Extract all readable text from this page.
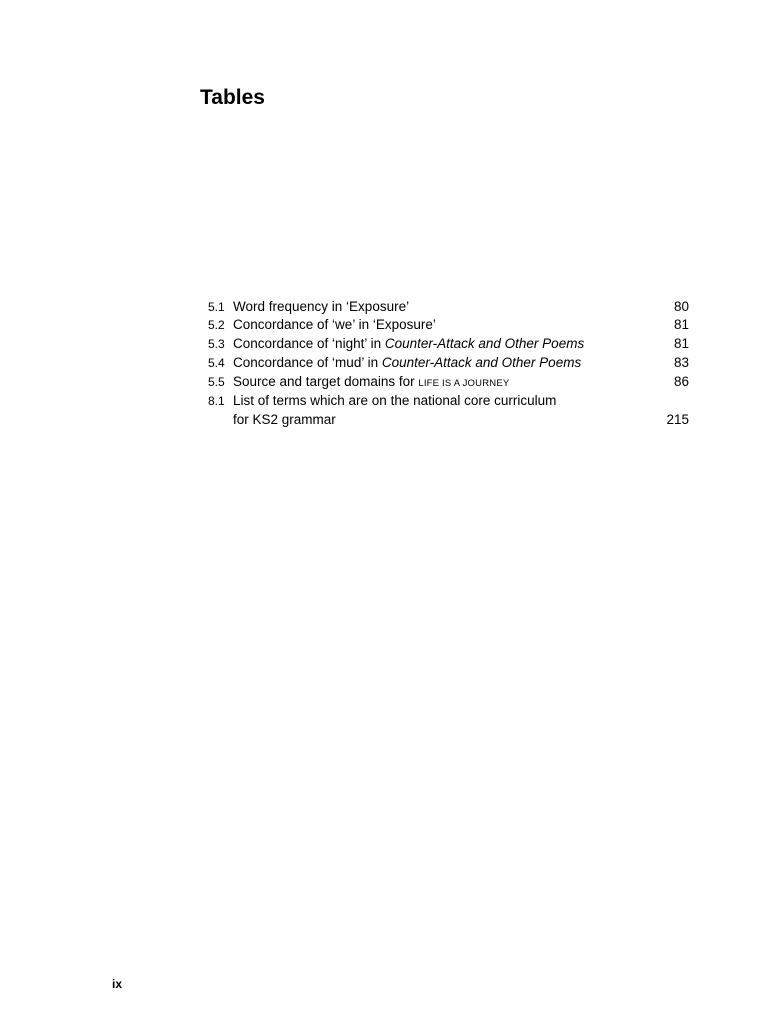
Tables
5.1 Word frequency in ‘Exposure’	80
5.2 Concordance of ‘we’ in ‘Exposure’	81
5.3 Concordance of ‘night’ in Counter-Attack and Other Poems	81
5.4 Concordance of ‘mud’ in Counter-Attack and Other Poems	83
5.5 Source and target domains for LIFE IS A JOURNEY	86
8.1 List of terms which are on the national core curriculum
for KS2 grammar	215
ix
